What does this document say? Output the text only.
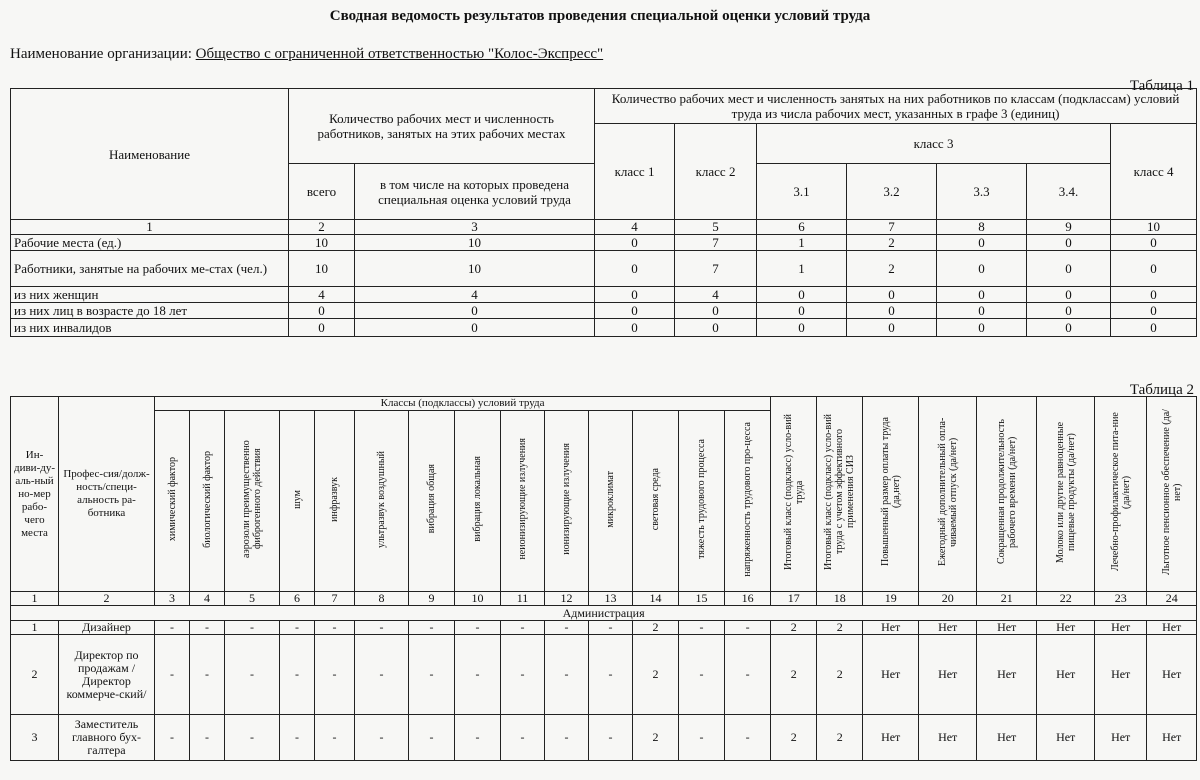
Сводная ведомость результатов проведения специальной оценки условий труда
Наименование организации: Общество с ограниченной ответственностью "Колос-Экспресс"
Таблица 1
Наименование	Количество рабочих мест и численность работников, занятых на этих рабочих местах		Количество рабочих мест и численность занятых на них работников по классам (подклассам) условий труда из числа рабочих мест, указанных в графе 3 (единиц)						
			класс 1	класс 2	класс 3				класс 4
	всего	в том числе на которых проведена специальная оценка условий труда			3.1	3.2	3.3	3.4.	
1	2	3	4	5	6	7	8	9	10
Рабочие места (ед.)	10	10	0	7	1	2	0	0	0
Работники, занятые на рабочих ме-стах (чел.)	10	10	0	7	1	2	0	0	0
из них женщин	4	4	0	4	0	0	0	0	0
из них лиц в возрасте до 18 лет	0	0	0	0	0	0	0	0	0
из них инвалидов	0	0	0	0	0	0	0	0	0
Таблица 2
Ин-диви-ду-аль-ный но-мер рабо-чего места	Профес-сия/долж-ность/специ-альность ра-ботника	Классы (подклассы) условий труда														Итоговый класс (подкласс) усло-вий труда	Итоговый класс (подкласс) усло-вий труда с учетом эффективного применения СИЗ	Повышенный размер оплаты труда (да,нет)	Ежегодный дополнительный опла-чиваемый отпуск (да/нет)	Сокращенная продолжительность рабочего времени (да/нет)	Молоко или другие равноценные пищевые продукты (да/нет)	Лечебно-профилактическое пита-ние (да/нет)	Льготное пенсионное обеспечение (да/нет)
		химический фактор	биологический фактор	аэрозоли преимущественно фиброгенного действия	шум	инфразвук	ультразвук воздушный	вибрация общая	вибрация локальная	неионизирующие излучения	ионизирующие излучения	микроклимат	световая среда	тяжесть трудового процесса	напряженность трудового про-цесса								
1	2	3	4	5	6	7	8	9	10	11	12	13	14	15	16	17	18	19	20	21	22	23	24
Администрация																							
1	Дизайнер	-	-	-	-	-	-	-	-	-	-	-	2	-	-	2	2	Нет	Нет	Нет	Нет	Нет	Нет
2	Директор по продажам /Директор коммерче-ский/	-	-	-	-	-	-	-	-	-	-	-	2	-	-	2	2	Нет	Нет	Нет	Нет	Нет	Нет
3	Заместитель главного бух-галтера	-	-	-	-	-	-	-	-	-	-	-	2	-	-	2	2	Нет	Нет	Нет	Нет	Нет	Нет
